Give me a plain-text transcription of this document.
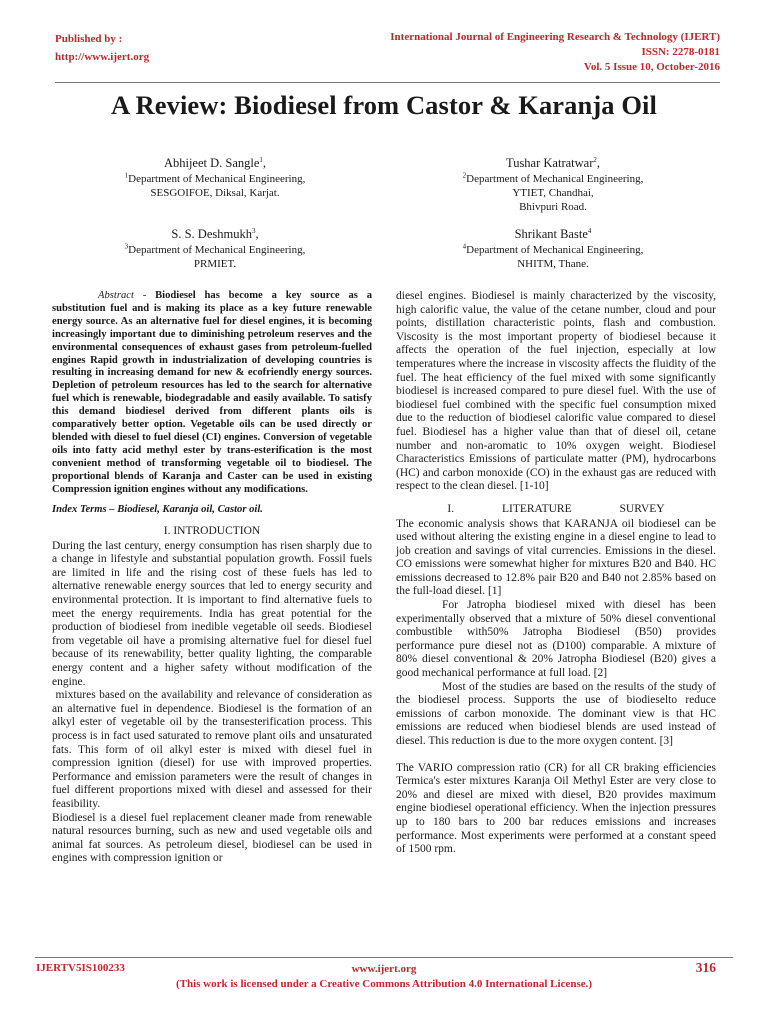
Published by :
http://www.ijert.org
International Journal of Engineering Research & Technology (IJERT)
ISSN: 2278-0181
Vol. 5 Issue 10, October-2016
A Review: Biodiesel from Castor & Karanja Oil
Abhijeet D. Sangle$^1$,
$^1$Department of Mechanical Engineering,
SESGOIFOE, Diksal, Karjat.
Tushar Katratwar$^2$,
$^2$Department of Mechanical Engineering,
YTIET, Chandhai,
Bhivpuri Road.
S. S. Deshmukh$^3$,
$^3$Department of Mechanical Engineering,
PRMIET.
Shrikant Baste$^4$
$^4$Department of Mechanical Engineering,
NHITM, Thane.

Abstract - Biodiesel has become a key source as a substitution fuel and is making its place as a key future renewable energy source. As an alternative fuel for diesel engines, it is becoming increasingly important due to diminishing petroleum reserves and the environmental consequences of exhaust gases from petroleum-fuelled engines Rapid growth in industrialization of developing countries is resulting in increasing demand for new & ecofriendly energy sources. Depletion of petroleum resources has led to the search for alternative fuel which is renewable, biodegradable and easily available. To satisfy this demand biodiesel derived from different plants oils is comparatively better option. Vegetable oils can be used directly or blended with diesel to fuel diesel (CI) engines. Conversion of vegetable oils into fatty acid methyl ester by trans-esterification is the most convenient method of transforming vegetable oil to biodiesel. The proportional blends of Karanja and Caster can be used in existing Compression ignition engines without any modifications.

Index Terms – Biodiesel, Karanja oil, Castor oil.

I. INTRODUCTION

During the last century, energy consumption has risen sharply due to a change in lifestyle and substantial population growth. Fossil fuels are limited in life and the rising cost of these fuels has led to alternative renewable energy sources that led to energy security and environmental protection. It is important to find alternative fuels to meet the energy requirements. India has great potential for the production of biodiesel from inedible vegetable oil seeds. Biodiesel from vegetable oil have a promising alternative fuel for diesel fuel because of its renewability, better quality lighting, the comparable energy content and a higher safety without modification of the engine.

mixtures based on the availability and relevance of consideration as an alternative fuel in dependence. Biodiesel is the formation of an alkyl ester of vegetable oil by the transesterification process. This process is in fact used saturated to remove plant oils and unsaturated fats. This form of oil alkyl ester is mixed with diesel fuel in compression ignition (diesel) for use with improved properties. Performance and emission parameters were the result of changes in fuel different proportions mixed with diesel and assessed for their feasibility.

Biodiesel is a diesel fuel replacement cleaner made from renewable natural resources burning, such as new and used vegetable oils and animal fat sources. As petroleum diesel, biodiesel can be used in engines with compression ignition or

diesel engines. Biodiesel is mainly characterized by the viscosity, high calorific value, the value of the cetane number, cloud and pour points, distillation characteristic points, flash and combustion. Viscosity is the most important property of biodiesel because it affects the operation of the fuel injection, especially at low temperatures where the increase in viscosity affects the fluidity of the fuel. The heat efficiency of the fuel mixed with some significantly biodiesel is increased compared to pure diesel fuel. With the use of biodiesel fuel combined with the specific fuel consumption mixed due to the reduction of biodiesel calorific value compared to diesel fuel. Biodiesel has a higher value than that of diesel oil, cetane number and non-aromatic to 10% oxygen weight. Biodiesel Characteristics Emissions of particulate matter (PM), hydrocarbons (HC) and carbon monoxide (CO) in the exhaust gas are reduced with respect to the clean diesel. [1-10]

I. LITERATURE SURVEY

The economic analysis shows that KARANJA oil biodiesel can be used without altering the existing engine in a diesel engine to lead to job creation and savings of vital currencies. Emissions in the diesel. CO emissions were somewhat higher for mixtures B20 and B40. HC emissions decreased to 12.8% pair B20 and B40 not 2.85% based on the full-load diesel. [1]

For Jatropha biodiesel mixed with diesel has been experimentally observed that a mixture of 50% diesel conventional combustible with50% Jatropha Biodiesel (B50) provides performance pure diesel not as (D100) comparable. A mixture of 80% diesel conventional & 20% Jatropha Biodiesel (B20) gives a good mechanical performance at full load. [2]

Most of the studies are based on the results of the study of the biodiesel process. Supports the use of biodieselto reduce emissions of carbon monoxide. The dominant view is that HC emissions are reduced when biodiesel blends are used instead of diesel. This reduction is due to the more oxygen content. [3]

The VARIO compression ratio (CR) for all CR braking efficiencies Termica's ester mixtures Karanja Oil Methyl Ester are very close to 20% and diesel are mixed with diesel, B20 provides maximum engine biodiesel operational efficiency. When the injection pressures up to 180 bars to 200 bar reduces emissions and increases performance. Most experiments were performed at a constant speed of 1500 rpm.

IJERTV5IS100233	www.ijert.org
(This work is licensed under a Creative Commons Attribution 4.0 International License.)
316
